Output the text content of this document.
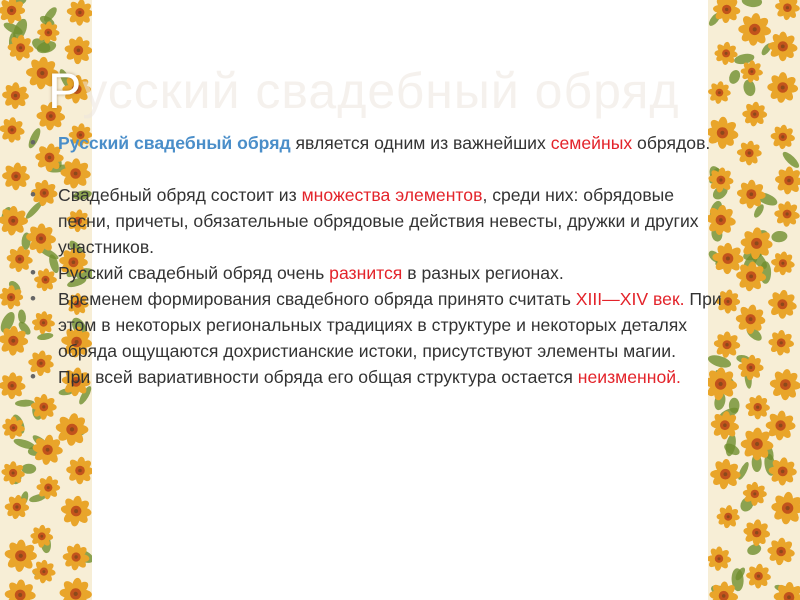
Русский свадебный обряд
• Русский свадебный обряд является одним из важнейших семейных обрядов.
• Свадебный обряд состоит из множества элементов, среди них: обрядовые песни, причеты, обязательные обрядовые действия невесты, дружки и других участников.
• Русский свадебный обряд очень разнится в разных регионах.
• Временем формирования свадебного обряда принято считать XIII—XIV век. При этом в некоторых региональных традициях в структуре и некоторых деталях обряда ощущаются дохристианские истоки, присутствуют элементы магии.
• При всей вариативности обряда его общая структура остается неизменной.
